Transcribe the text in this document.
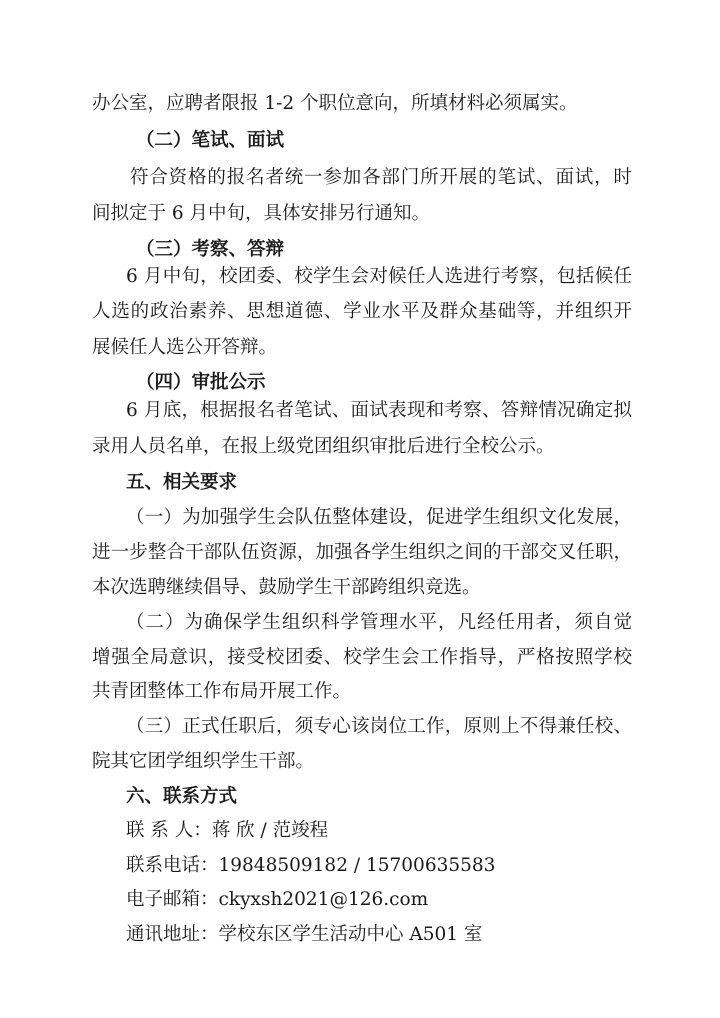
办公室，应聘者限报 1-2 个职位意向，所填材料必须属实。
（二）笔试、面试
符合资格的报名者统一参加各部门所开展的笔试、面试，时
间拟定于 6 月中旬，具体安排另行通知。
（三）考察、答辩
6 月中旬，校团委、校学生会对候任人选进行考察，包括候任
人选的政治素养、思想道德、学业水平及群众基础等，并组织开
展候任人选公开答辩。
（四）审批公示
6 月底，根据报名者笔试、面试表现和考察、答辩情况确定拟
录用人员名单，在报上级党团组织审批后进行全校公示。
五、相关要求
（一）为加强学生会队伍整体建设，促进学生组织文化发展，
进一步整合干部队伍资源，加强各学生组织之间的干部交叉任职，
本次选聘继续倡导、鼓励学生干部跨组织竞选。
（二）为确保学生组织科学管理水平，凡经任用者，须自觉
增强全局意识，接受校团委、校学生会工作指导，严格按照学校
共青团整体工作布局开展工作。
（三）正式任职后，须专心该岗位工作，原则上不得兼任校、
院其它团学组织学生干部。
六、联系方式
联 系 人：蒋 欣 / 范竣程
联系电话：19848509182 / 15700635583
电子邮箱：ckyxsh2021@126.com
通讯地址：学校东区学生活动中心 A501 室
